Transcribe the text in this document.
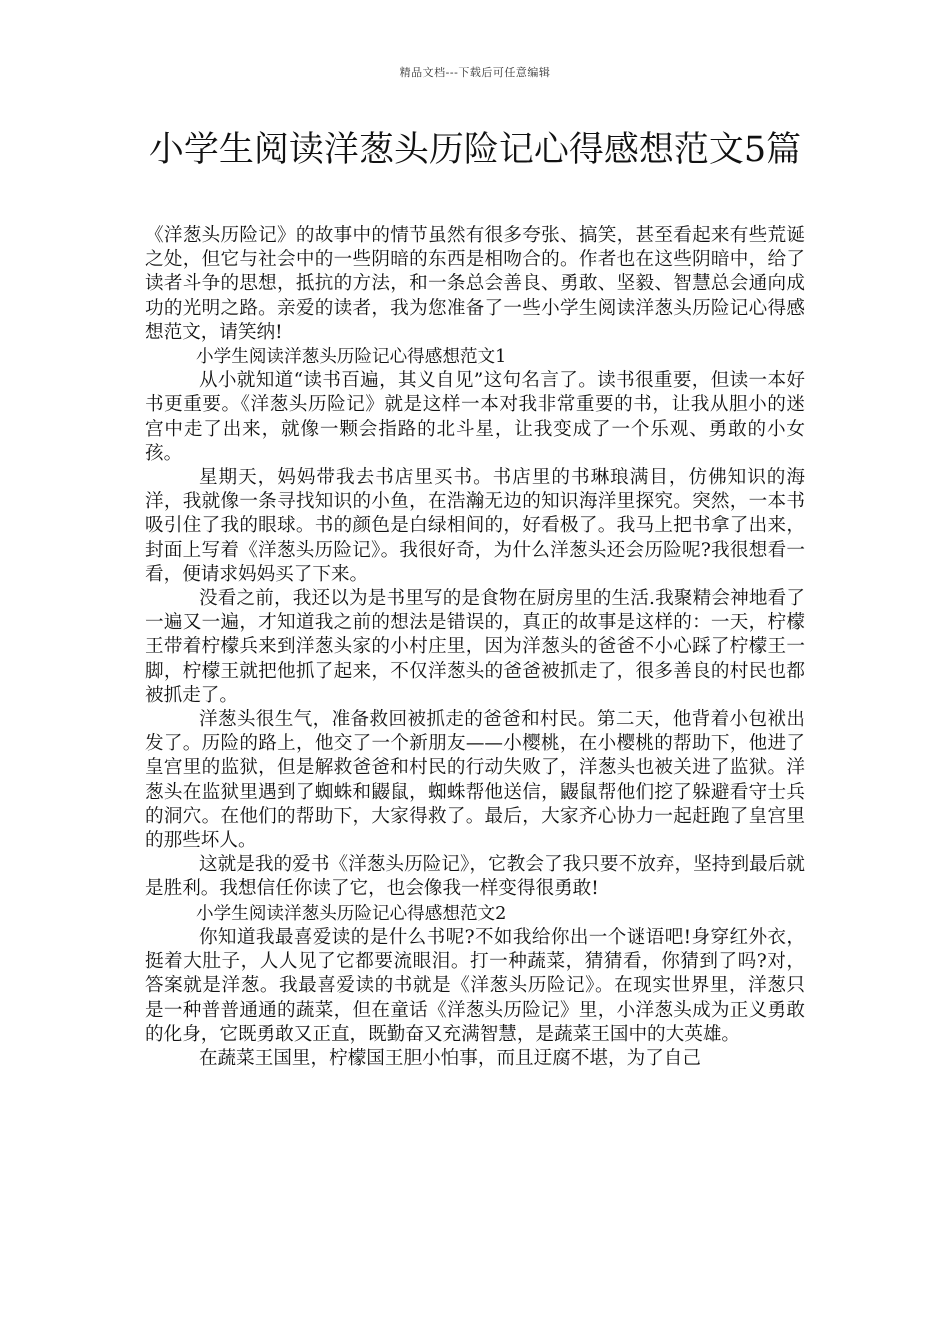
精品文档---下载后可任意编辑
小学生阅读洋葱头历险记心得感想范文5篇

《洋葱头历险记》的故事中的情节虽然有很多夸张、搞笑，甚至看起来有些荒诞之处，但它与社会中的一些阴暗的东西是相吻合的。作者也在这些阴暗中，给了读者斗争的思想，抵抗的方法，和一条总会善良、勇敢、坚毅、智慧总会通向成功的光明之路。亲爱的读者，我为您准备了一些小学生阅读洋葱头历险记心得感想范文，请笑纳!

小学生阅读洋葱头历险记心得感想范文1

从小就知道“读书百遍，其义自见”这句名言了。读书很重要，但读一本好书更重要。《洋葱头历险记》就是这样一本对我非常重要的书，让我从胆小的迷宫中走了出来，就像一颗会指路的北斗星，让我变成了一个乐观、勇敢的小女孩。

星期天，妈妈带我去书店里买书。书店里的书琳琅满目，仿佛知识的海洋，我就像一条寻找知识的小鱼，在浩瀚无边的知识海洋里探究。突然，一本书吸引住了我的眼球。书的颜色是白绿相间的，好看极了。我马上把书拿了出来，封面上写着《洋葱头历险记》。我很好奇，为什么洋葱头还会历险呢?我很想看一看，便请求妈妈买了下来。

没看之前，我还以为是书里写的是食物在厨房里的生活.我聚精会神地看了一遍又一遍，才知道我之前的想法是错误的，真正的故事是这样的：一天，柠檬王带着柠檬兵来到洋葱头家的小村庄里，因为洋葱头的爸爸不小心踩了柠檬王一脚，柠檬王就把他抓了起来，不仅洋葱头的爸爸被抓走了，很多善良的村民也都被抓走了。

洋葱头很生气，准备救回被抓走的爸爸和村民。第二天，他背着小包袱出发了。历险的路上，他交了一个新朋友——小樱桃，在小樱桃的帮助下，他进了皇宫里的监狱，但是解救爸爸和村民的行动失败了，洋葱头也被关进了监狱。洋葱头在监狱里遇到了蜘蛛和鼹鼠，蜘蛛帮他送信，鼹鼠帮他们挖了躲避看守士兵的洞穴。在他们的帮助下，大家得救了。最后，大家齐心协力一起赶跑了皇宫里的那些坏人。

这就是我的爱书《洋葱头历险记》，它教会了我只要不放弃，坚持到最后就是胜利。我想信任你读了它，也会像我一样变得很勇敢!

小学生阅读洋葱头历险记心得感想范文2

你知道我最喜爱读的是什么书呢?不如我给你出一个谜语吧!身穿红外衣，挺着大肚子，人人见了它都要流眼泪。打一种蔬菜，猜猜看，你猜到了吗?对，答案就是洋葱。我最喜爱读的书就是《洋葱头历险记》。在现实世界里，洋葱只是一种普普通通的蔬菜，但在童话《洋葱头历险记》里，小洋葱头成为正义勇敢的化身，它既勇敢又正直，既勤奋又充满智慧，是蔬菜王国中的大英雄。

在蔬菜王国里，柠檬国王胆小怕事，而且迂腐不堪，为了自己
